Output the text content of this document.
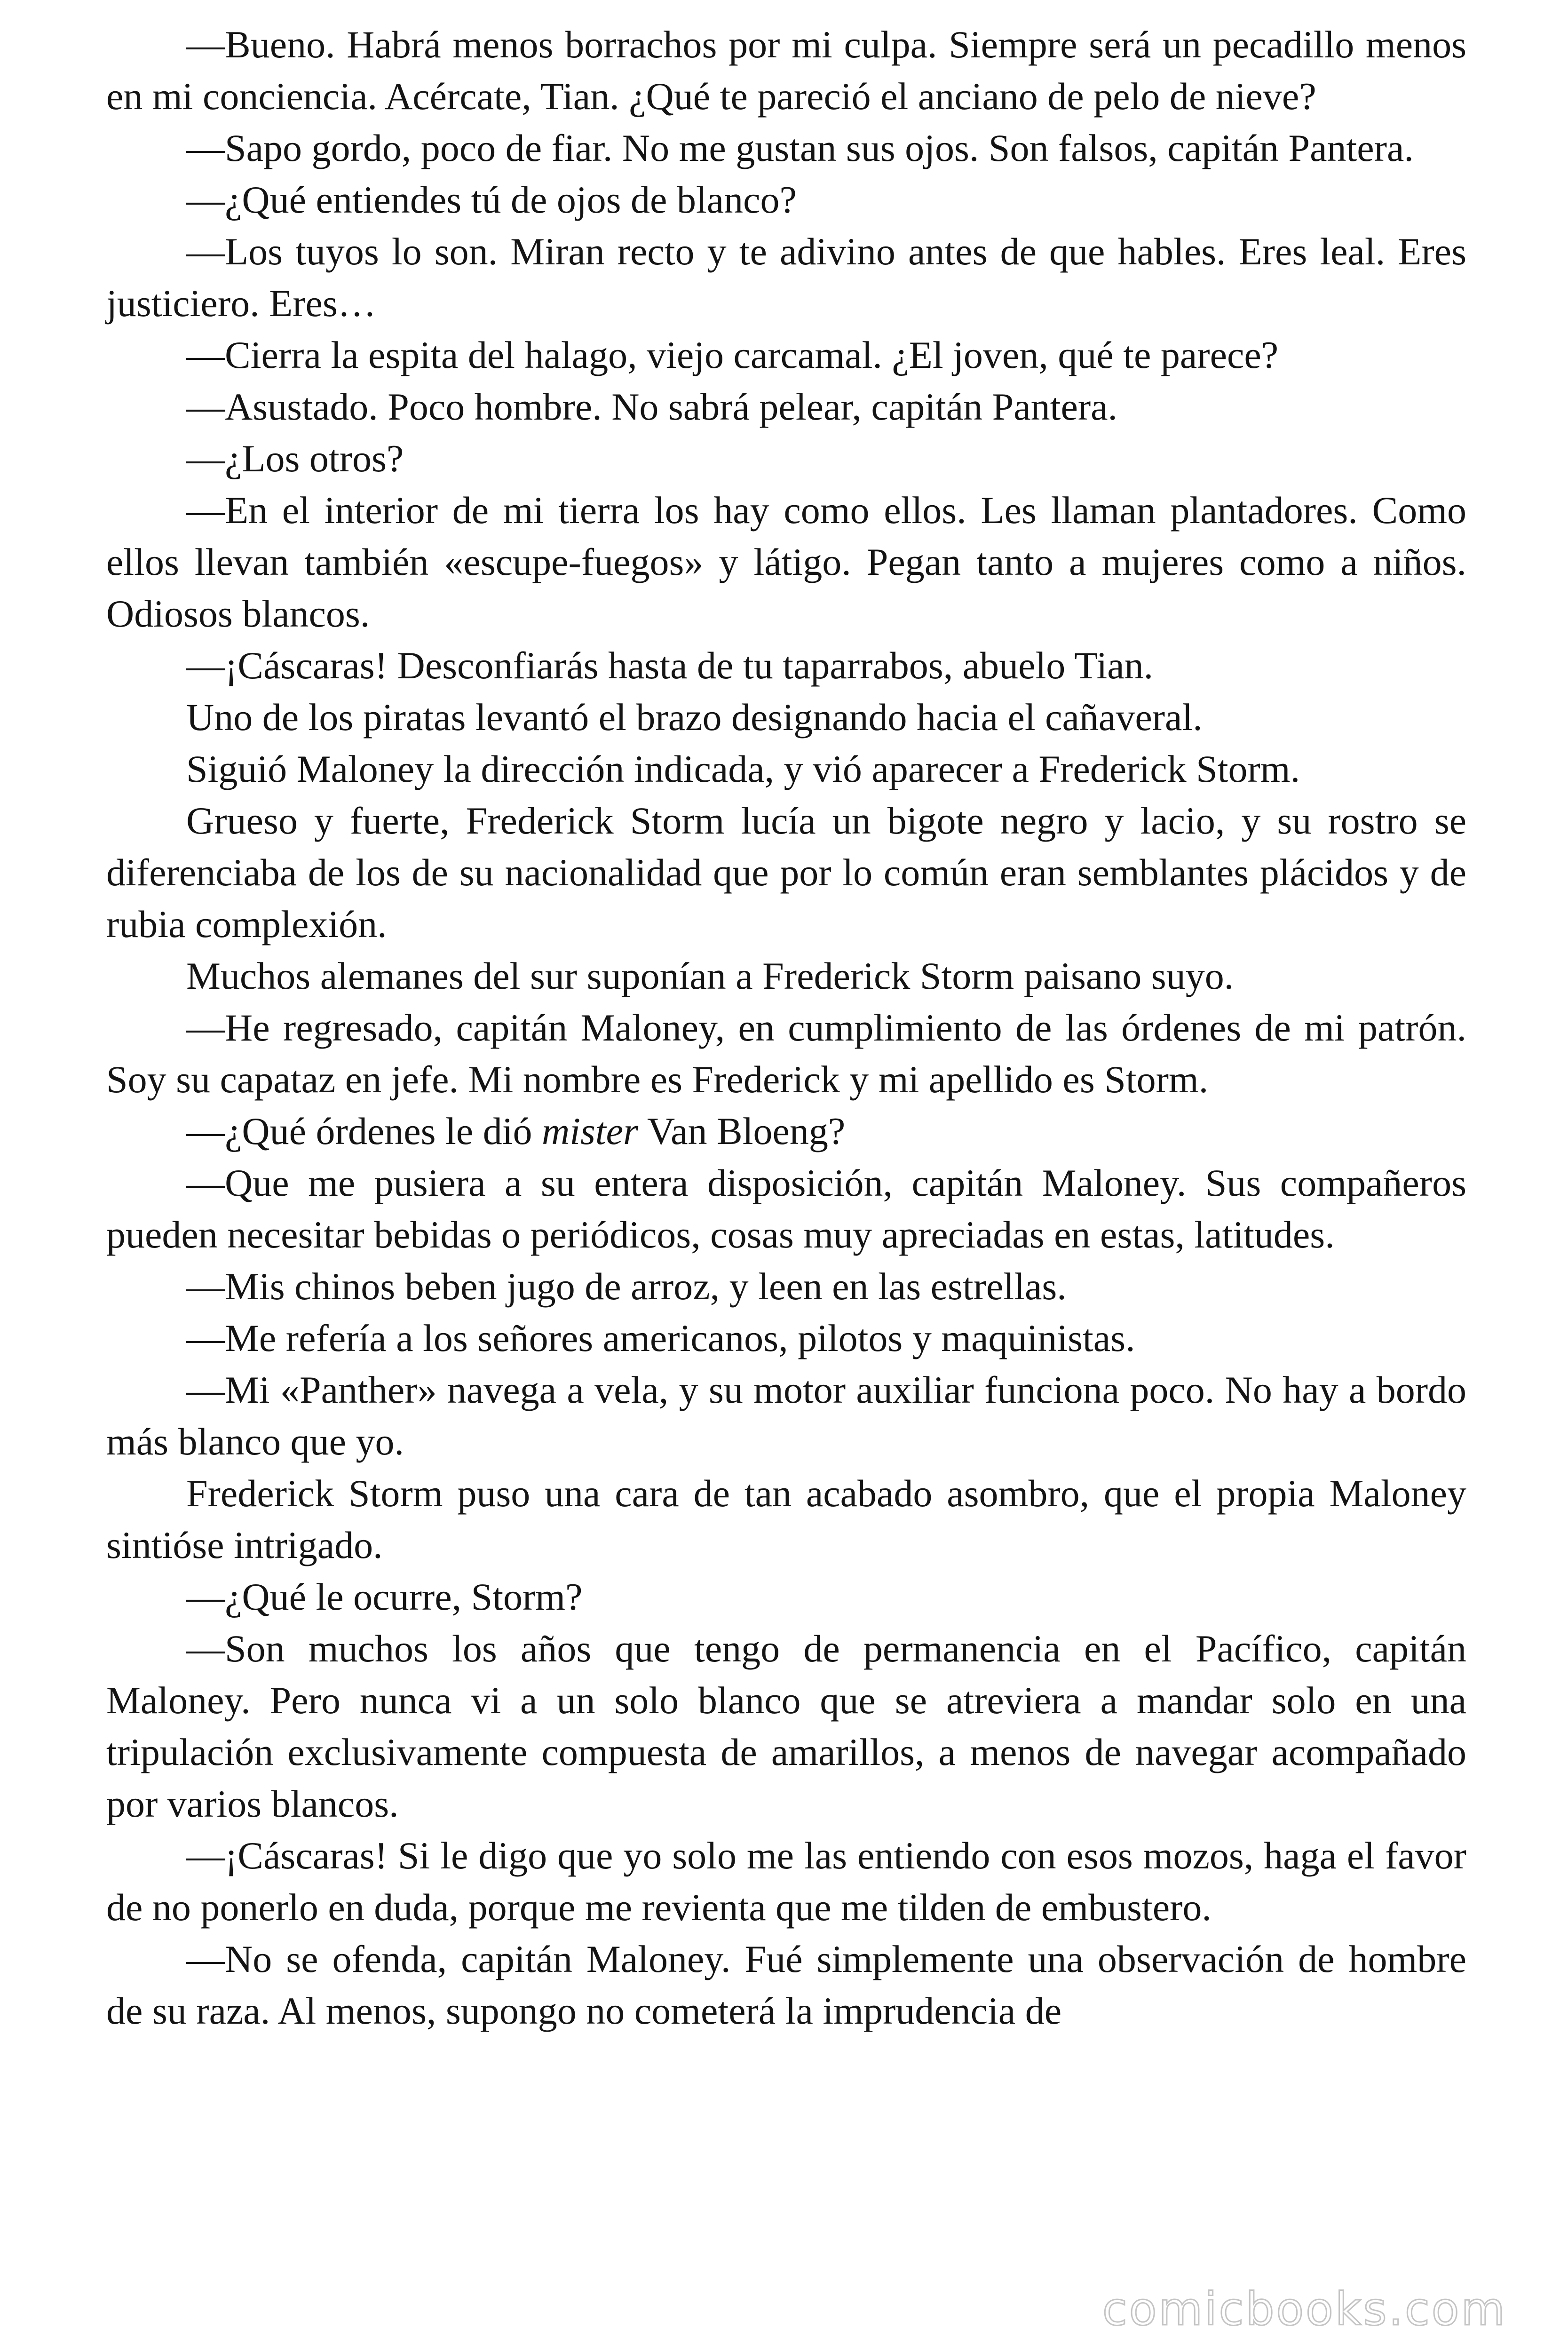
—Bueno. Habrá menos borrachos por mi culpa. Siempre será un pecadillo menos en mi conciencia. Acércate, Tian. ¿Qué te pareció el anciano de pelo de nieve?

—Sapo gordo, poco de fiar. No me gustan sus ojos. Son falsos, capitán Pantera.

—¿Qué entiendes tú de ojos de blanco?

—Los tuyos lo son. Miran recto y te adivino antes de que hables. Eres leal. Eres justiciero. Eres…

—Cierra la espita del halago, viejo carcamal. ¿El joven, qué te parece?

—Asustado. Poco hombre. No sabrá pelear, capitán Pantera.

—¿Los otros?

—En el interior de mi tierra los hay como ellos. Les llaman plantadores. Como ellos llevan también «escupe-fuegos» y látigo. Pegan tanto a mujeres como a niños. Odiosos blancos.

—¡Cáscaras! Desconfiarás hasta de tu taparrabos, abuelo Tian.

Uno de los piratas levantó el brazo designando hacia el cañaveral.

Siguió Maloney la dirección indicada, y vió aparecer a Frederick Storm.

Grueso y fuerte, Frederick Storm lucía un bigote negro y lacio, y su rostro se diferenciaba de los de su nacionalidad que por lo común eran semblantes plácidos y de rubia complexión.

Muchos alemanes del sur suponían a Frederick Storm paisano suyo.

—He regresado, capitán Maloney, en cumplimiento de las órdenes de mi patrón. Soy su capataz en jefe. Mi nombre es Frederick y mi apellido es Storm.

—¿Qué órdenes le dió mister Van Bloeng?

—Que me pusiera a su entera disposición, capitán Maloney. Sus compañeros pueden necesitar bebidas o periódicos, cosas muy apreciadas en estas, latitudes.

—Mis chinos beben jugo de arroz, y leen en las estrellas.

—Me refería a los señores americanos, pilotos y maquinistas.

—Mi «Panther» navega a vela, y su motor auxiliar funciona poco. No hay a bordo más blanco que yo.

Frederick Storm puso una cara de tan acabado asombro, que el propia Maloney sintióse intrigado.

—¿Qué le ocurre, Storm?

—Son muchos los años que tengo de permanencia en el Pacífico, capitán Maloney. Pero nunca vi a un solo blanco que se atreviera a mandar solo en una tripulación exclusivamente compuesta de amarillos, a menos de navegar acompañado por varios blancos.

—¡Cáscaras! Si le digo que yo solo me las entiendo con esos mozos, haga el favor de no ponerlo en duda, porque me revienta que me tilden de embustero.

—No se ofenda, capitán Maloney. Fué simplemente una observación de hombre de su raza. Al menos, supongo no cometerá la imprudencia de

comicbooks.com
